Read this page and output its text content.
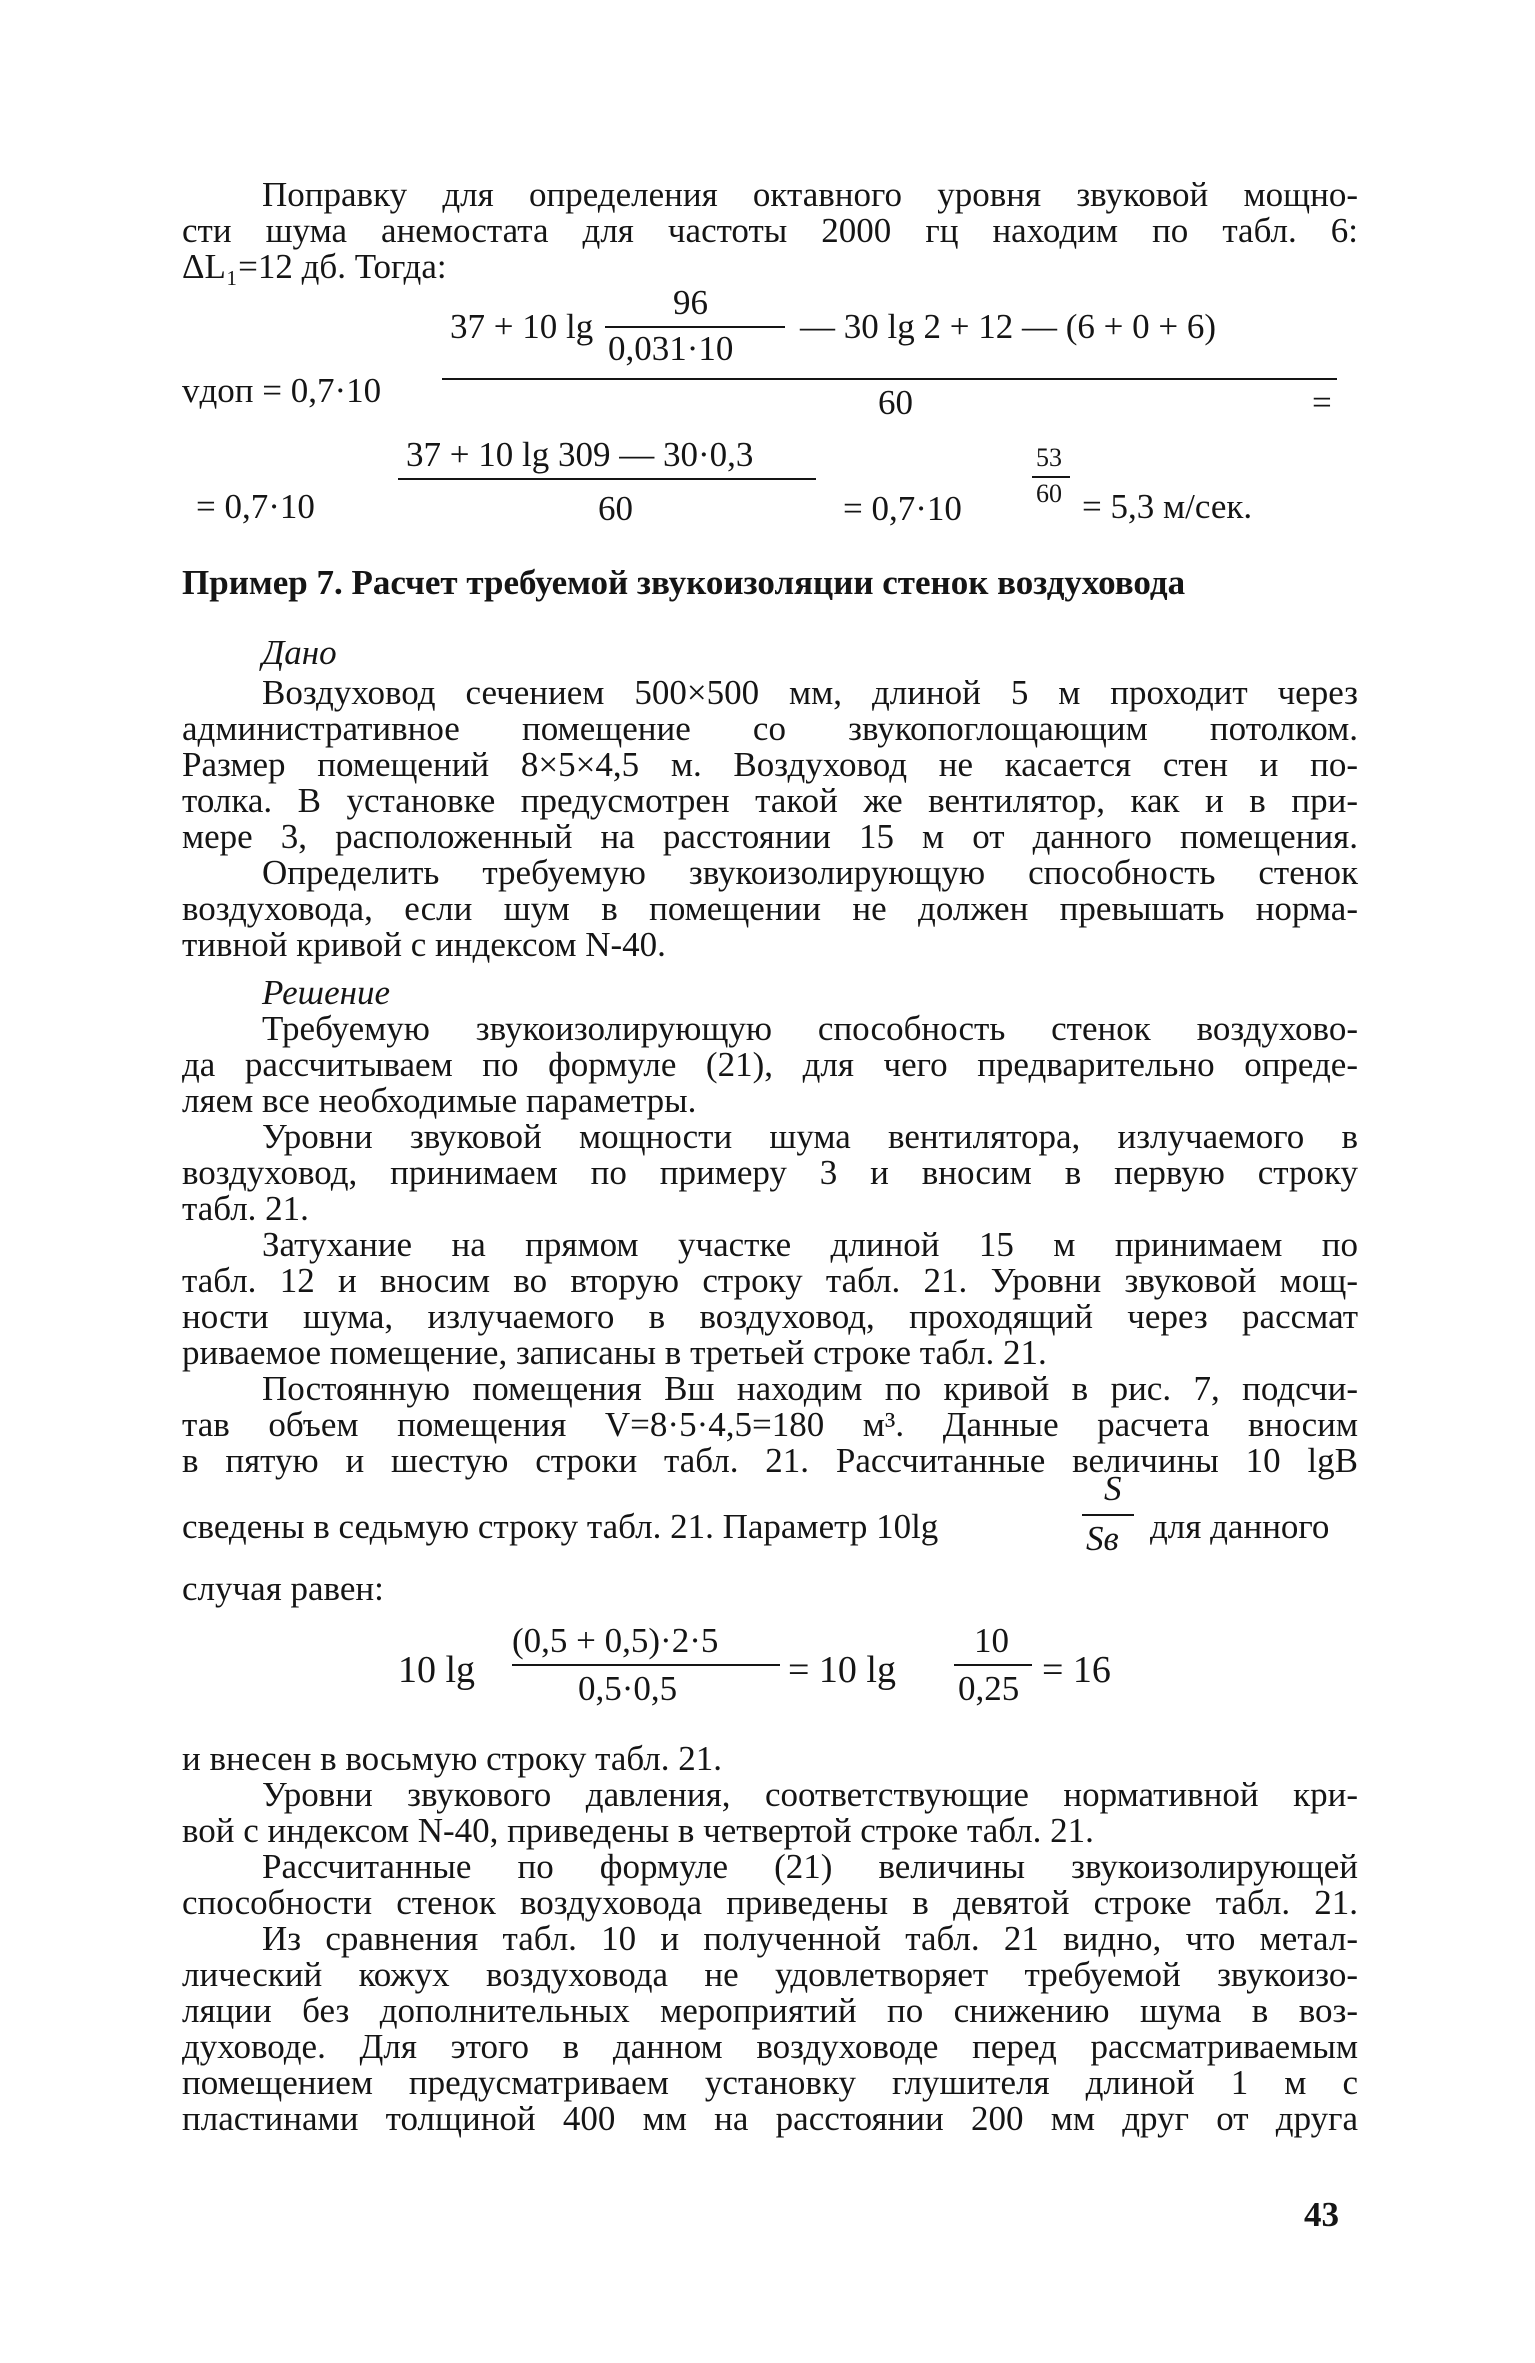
Поправку для определения октавного уровня звуковой мощно-
сти шума анемостата для частоты 2000 гц находим по табл. 6:
ΔL₁=12 дб. Тогда:
96
37 + 10 lg
0,031·10
— 30 lg 2 + 12 — (6 + 0 + 6)
vдоп = 0,7·10	60	=
37 + 10 lg 309 — 30·0,3
= 0,7·10	60	= 0,7·10
53
60 = 5,3 м/сек.
Пример 7. Расчет требуемой звукоизоляции стенок воздуховода
Дано
Воздуховод сечением 500×500 мм, длиной 5 м проходит через
административное помещение со звукопоглощающим потолком.
Размер помещений 8×5×4,5 м. Воздуховод не касается стен и по-
толка. В установке предусмотрен такой же вентилятор, как и в при-
мере 3, расположенный на расстоянии 15 м от данного помещения.
Определить требуемую звукоизолирующую способность стенок
воздуховода, если шум в помещении не должен превышать норма-
тивной кривой с индексом N-40.
Решение
Требуемую звукоизолирующую способность стенок воздухово-
да рассчитываем по формуле (21), для чего предварительно опреде-
ляем все необходимые параметры.
Уровни звуковой мощности шума вентилятора, излучаемого в
воздуховод, принимаем по примеру 3 и вносим в первую строку
табл. 21.
Затухание на прямом участке длиной 15 м принимаем по
табл. 12 и вносим во вторую строку табл. 21. Уровни звуковой мощ-
ности шума, излучаемого в воздуховод, проходящий через рассмат
риваемое помещение, записаны в третьей строке табл. 21.
Постоянную помещения Bш находим по кривой в рис. 7, подсчи-
тав объем помещения V=8·5·4,5=180 м³. Данные расчета вносим
в пятую и шестую строки табл. 21. Рассчитанные величины 10 lgB
сведены в седьмую строку табл. 21. Параметр 10lg
S
Sв для данного
случая равен:
10 lg
(0,5 + 0,5)·2·5
0,5·0,5	= 10 lg
10
0,25 = 16
и внесен в восьмую строку табл. 21.
Уровни звукового давления, соответствующие нормативной кри-
вой с индексом N-40, приведены в четвертой строке табл. 21.
Рассчитанные по формуле (21) величины звукоизолирующей
способности стенок воздуховода приведены в девятой строке табл. 21.
Из сравнения табл. 10 и полученной табл. 21 видно, что метал-
лический кожух воздуховода не удовлетворяет требуемой звукоизо-
ляции без дополнительных мероприятий по снижению шума в воз-
духоводе. Для этого в данном воздуховоде перед рассматриваемым
помещением предусматриваем установку глушителя длиной 1 м с
пластинами толщиной 400 мм на расстоянии 200 мм друг от друга
43
